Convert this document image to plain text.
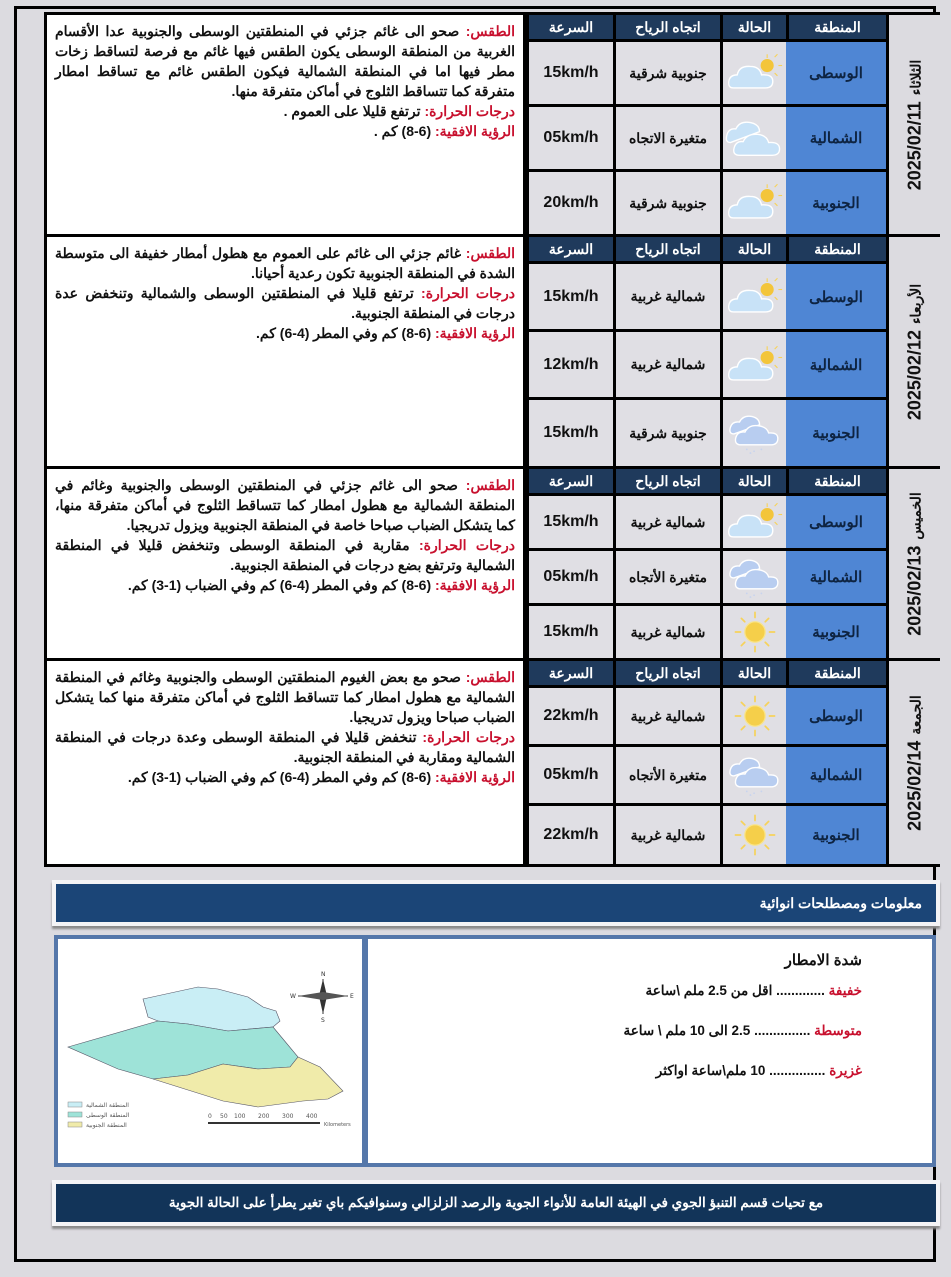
الطقس: صحو الى غائم جزئي في المنطقتين الوسطى والجنوبية عدا الأقسام الغربية من المنطقة الوسطى يكون الطقس فيها غائم مع فرصة لتساقط زخات مطر فيها اما في المنطقة الشمالية فيكون الطقس غائم مع تساقط امطار متفرقة كما تتساقط الثلوج في أماكن متفرقة منها.

درجات الحرارة: ترتفع قليلا على العموم .

الرؤية الافقية: (6-8) كم .

المنطقة
الحالة
اتجاه الرياح
السرعة
الوسطى
جنوبية شرقية
15km/h
الشمالية
متغيرة الاتجاه
05km/h
الجنوبية
جنوبية شرقية
20km/h
2025/02/11الثلاثاء

الطقس: غائم جزئي الى غائم على العموم مع هطول أمطار خفيفة الى متوسطة الشدة في المنطقة الجنوبية تكون رعدية أحيانا.

درجات الحرارة: ترتفع قليلا في المنطقتين الوسطى والشمالية وتنخفض عدة درجات في المنطقة الجنوبية.

الرؤية الافقية: (6-8) كم وفي المطر (4-6) كم.

المنطقة
الحالة
اتجاه الرياح
السرعة
الوسطى
شمالية غربية
15km/h
الشمالية
شمالية غربية
12km/h
الجنوبية
جنوبية شرقية
15km/h
2025/02/12الأربعاء

الطقس: صحو الى غائم جزئي في المنطقتين الوسطى والجنوبية وغائم في المنطقة الشمالية مع هطول امطار كما تتساقط الثلوج في أماكن متفرقة منها، كما يتشكل الضباب صباحا خاصة في المنطقة الجنوبية ويزول تدريجيا.

درجات الحرارة: مقاربة في المنطقة الوسطى وتنخفض قليلا في المنطقة الشمالية وترتفع بضع درجات في المنطقة الجنوبية.

الرؤية الافقية: (6-8) كم وفي المطر (4-6) كم وفي الضباب (1-3) كم.

المنطقة
الحالة
اتجاه الرياح
السرعة
الوسطى
شمالية غربية
15km/h
الشمالية
متغيرة الأتجاه
05km/h
الجنوبية
شمالية غربية
15km/h	2025/02/13الخميس

الطقس: صحو مع بعض الغيوم المنطقتين الوسطى والجنوبية وغائم في المنطقة الشمالية مع هطول امطار كما تتساقط الثلوج في أماكن متفرقة منها كما يتشكل الضباب صباحا ويزول تدريجيا.

درجات الحرارة: تنخفض قليلا في المنطقة الوسطى وعدة درجات في المنطقة الشمالية ومقاربة في المنطقة الجنوبية.

الرؤية الافقية: (6-8) كم وفي المطر (4-6) كم وفي الضباب (1-3) كم.

المنطقة
الحالة
اتجاه الرياح
السرعة
الوسطى
شمالية غربية
22km/h
الشمالية
متغيرة الأتجاه
05km/h
الجنوبية
شمالية غربية
22km/h
2025/02/14الجمعة
معلومات ومصطلحات انوائية
N
S
E
W
المنطقة الشمالية
المنطقة الوسطى
المنطقة الجنوبية
0 50 100 200 300 400
Kilometers
شدة الامطار
خفيفة ............. اقل من 2.5 ملم \ساعة
متوسطة ............... 2.5 الى 10 ملم \ ساعة
غزيرة ............... 10 ملم\ساعة اواكثر
مع تحيات قسم التنبؤ الجوي في الهيئة العامة للأنواء الجوية والرصد الزلزالي وسنوافيكم باي تغير يطرأ على الحالة الجوية
